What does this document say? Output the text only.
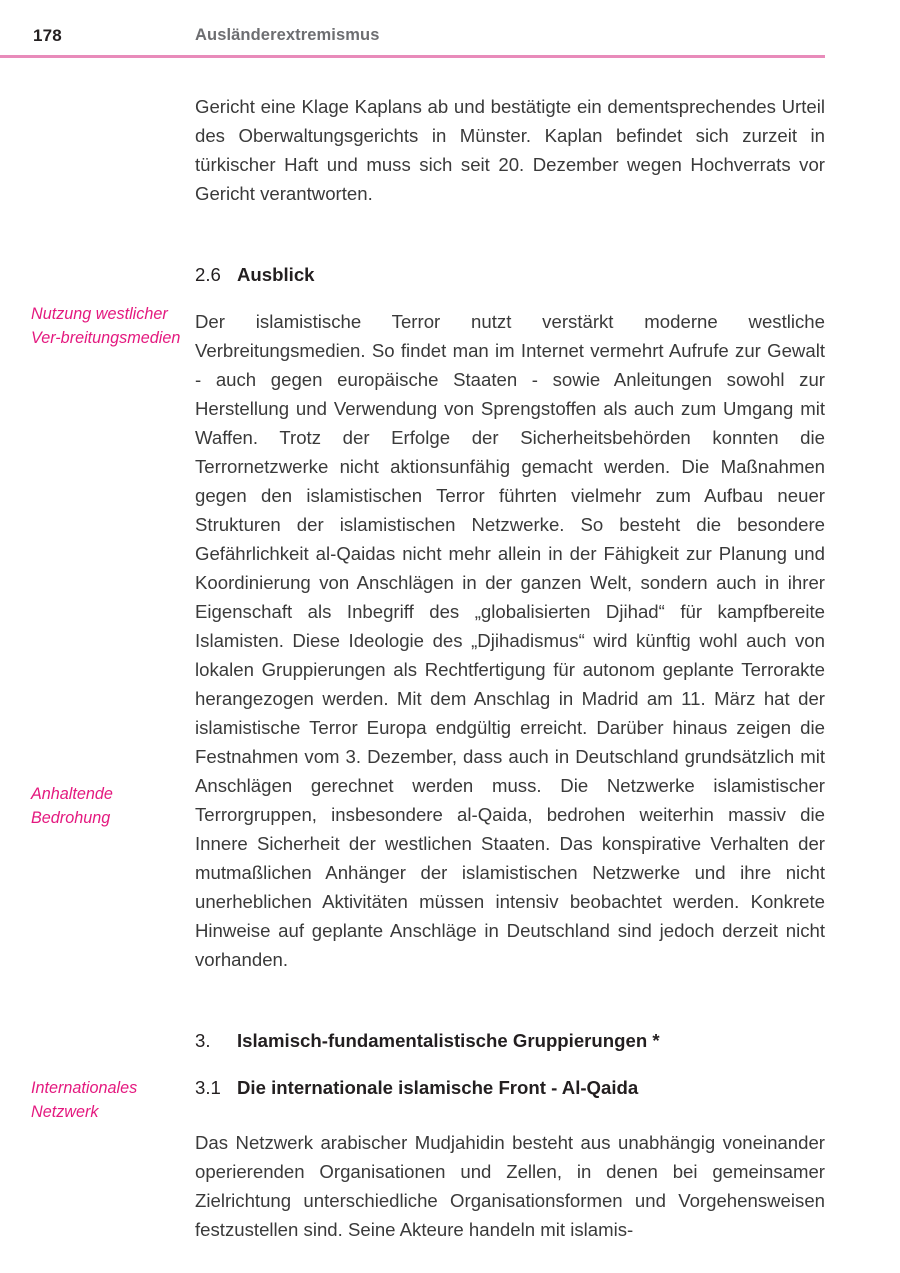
178	Ausländerextremismus
Nutzung westlicher Ver-breitungsmedien
Anhaltende Bedrohung
Internationales Netzwerk

Gericht eine Klage Kaplans ab und bestätigte ein dementsprechendes Urteil des Oberwaltungsgerichts in Münster. Kaplan befindet sich zurzeit in türkischer Haft und muss sich seit 20. Dezember wegen Hochverrats vor Gericht verantworten.

2.6 Ausblick

Der islamistische Terror nutzt verstärkt moderne westliche Verbreitungsmedien. So findet man im Internet vermehrt Aufrufe zur Gewalt - auch gegen europäische Staaten - sowie Anleitungen sowohl zur Herstellung und Verwendung von Sprengstoffen als auch zum Umgang mit Waffen. Trotz der Erfolge der Sicherheitsbehörden konnten die Terrornetzwerke nicht aktionsunfähig gemacht werden. Die Maßnahmen gegen den islamistischen Terror führten vielmehr zum Aufbau neuer Strukturen der islamistischen Netzwerke. So besteht die besondere Gefährlichkeit al-Qaidas nicht mehr allein in der Fähigkeit zur Planung und Koordinierung von Anschlägen in der ganzen Welt, sondern auch in ihrer Eigenschaft als Inbegriff des „globalisierten Djihad“ für kampfbereite Islamisten. Diese Ideologie des „Djihadismus“ wird künftig wohl auch von lokalen Gruppierungen als Rechtfertigung für autonom geplante Terrorakte herangezogen werden. Mit dem Anschlag in Madrid am 11. März hat der islamistische Terror Europa endgültig erreicht. Darüber hinaus zeigen die Festnahmen vom 3. Dezember, dass auch in Deutschland grundsätzlich mit Anschlägen gerechnet werden muss. Die Netzwerke islamistischer Terrorgruppen, insbesondere al-Qaida, bedrohen weiterhin massiv die Innere Sicherheit der westlichen Staaten. Das konspirative Verhalten der mutmaßlichen Anhänger der islamistischen Netzwerke und ihre nicht unerheblichen Aktivitäten müssen intensiv beobachtet werden. Konkrete Hinweise auf geplante Anschläge in Deutschland sind jedoch derzeit nicht vorhanden.

3. Islamisch-fundamentalistische Gruppierungen *
3.1 Die internationale islamische Front - Al-Qaida

Das Netzwerk arabischer Mudjahidin besteht aus unabhängig voneinander operierenden Organisationen und Zellen, in denen bei gemeinsamer Zielrichtung unterschiedliche Organisationsformen und Vorgehensweisen festzustellen sind. Seine Akteure handeln mit islamis-
